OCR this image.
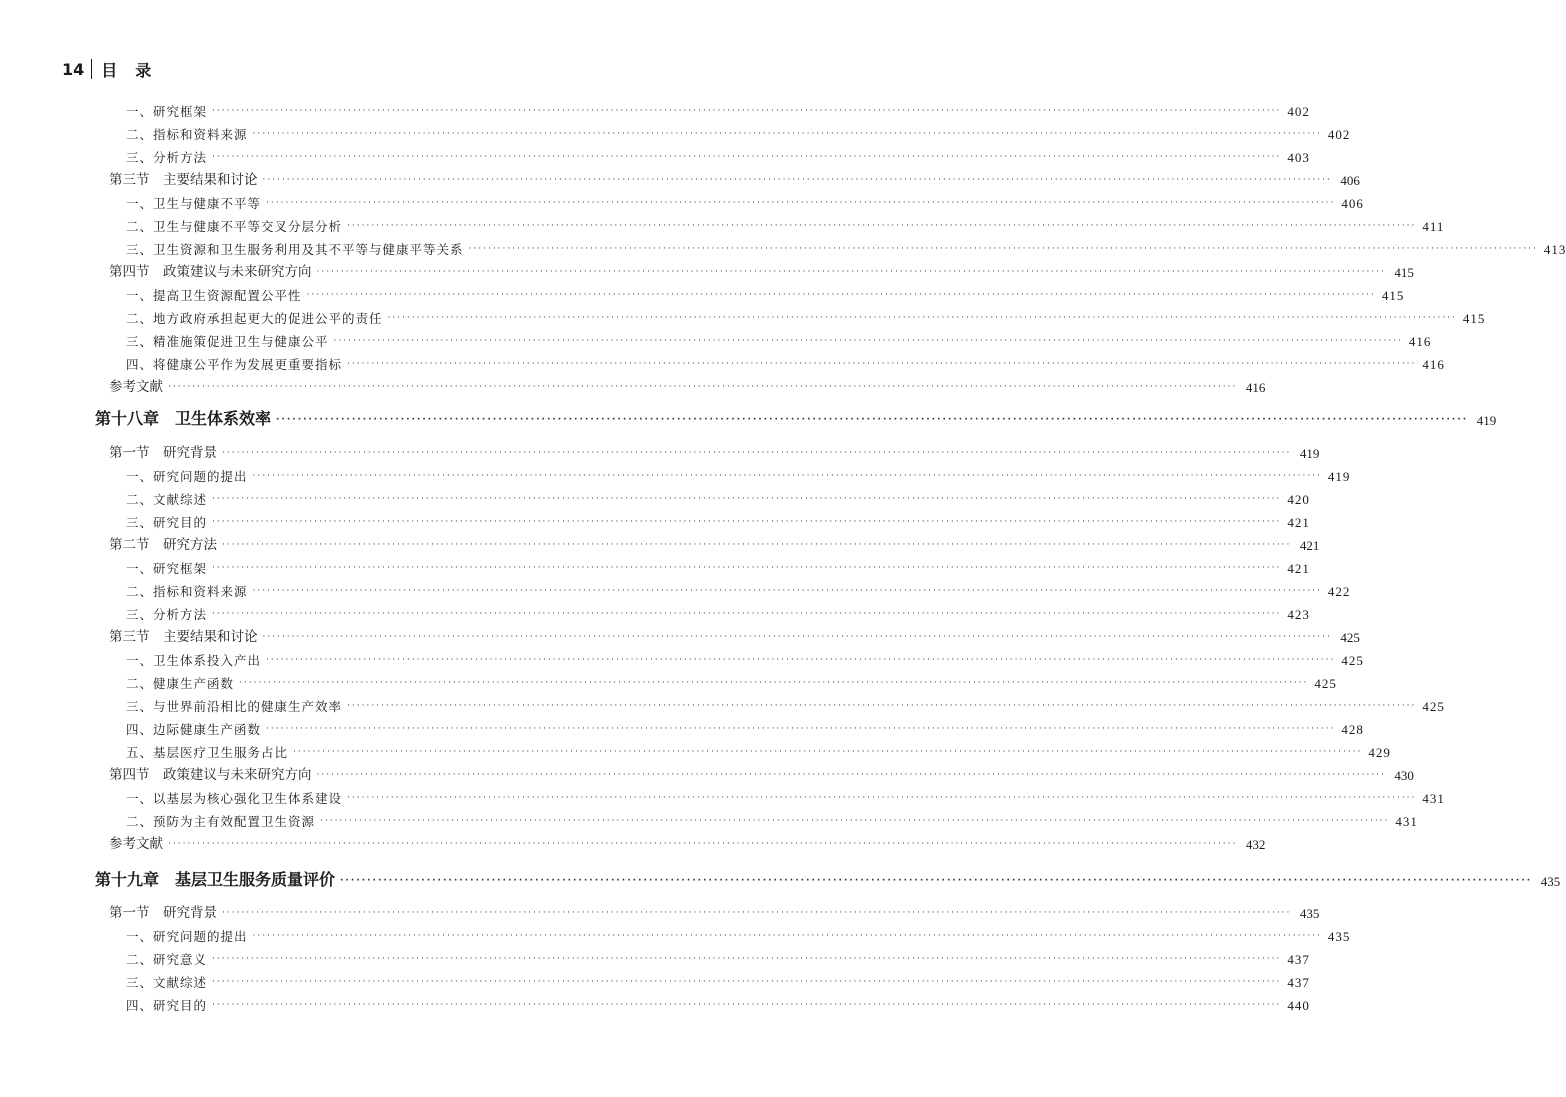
14 目录
一、研究框架 ···························································································································································································································· 402
二、指标和资料来源 ···························································································································································································································· 402
三、分析方法 ···························································································································································································································· 403
第三节　主要结果和讨论 ···························································································································································································································· 406
一、卫生与健康不平等 ···························································································································································································································· 406
二、卫生与健康不平等交叉分层分析 ···························································································································································································································· 411
三、卫生资源和卫生服务利用及其不平等与健康平等关系 ···························································································································································································································· 413
第四节　政策建议与未来研究方向 ···························································································································································································································· 415
一、提高卫生资源配置公平性 ···························································································································································································································· 415
二、地方政府承担起更大的促进公平的责任 ···························································································································································································································· 415
三、精准施策促进卫生与健康公平 ···························································································································································································································· 416
四、将健康公平作为发展更重要指标 ···························································································································································································································· 416
参考文献 ···························································································································································································································· 416
第十八章　卫生体系效率 ···························································································································································································································· 419
第一节　研究背景 ···························································································································································································································· 419
一、研究问题的提出 ···························································································································································································································· 419
二、文献综述 ···························································································································································································································· 420
三、研究目的 ···························································································································································································································· 421
第二节　研究方法 ···························································································································································································································· 421
一、研究框架 ···························································································································································································································· 421
二、指标和资料来源 ···························································································································································································································· 422
三、分析方法 ···························································································································································································································· 423
第三节　主要结果和讨论 ···························································································································································································································· 425
一、卫生体系投入产出 ···························································································································································································································· 425
二、健康生产函数 ···························································································································································································································· 425
三、与世界前沿相比的健康生产效率 ···························································································································································································································· 425
四、边际健康生产函数 ···························································································································································································································· 428
五、基层医疗卫生服务占比 ···························································································································································································································· 429
第四节　政策建议与未来研究方向 ···························································································································································································································· 430
一、以基层为核心强化卫生体系建设 ···························································································································································································································· 431
二、预防为主有效配置卫生资源 ···························································································································································································································· 431
参考文献 ···························································································································································································································· 432
第十九章　基层卫生服务质量评价 ···························································································································································································································· 435
第一节　研究背景 ···························································································································································································································· 435
一、研究问题的提出 ···························································································································································································································· 435
二、研究意义 ···························································································································································································································· 437
三、文献综述 ···························································································································································································································· 437
四、研究目的 ···························································································································································································································· 440
